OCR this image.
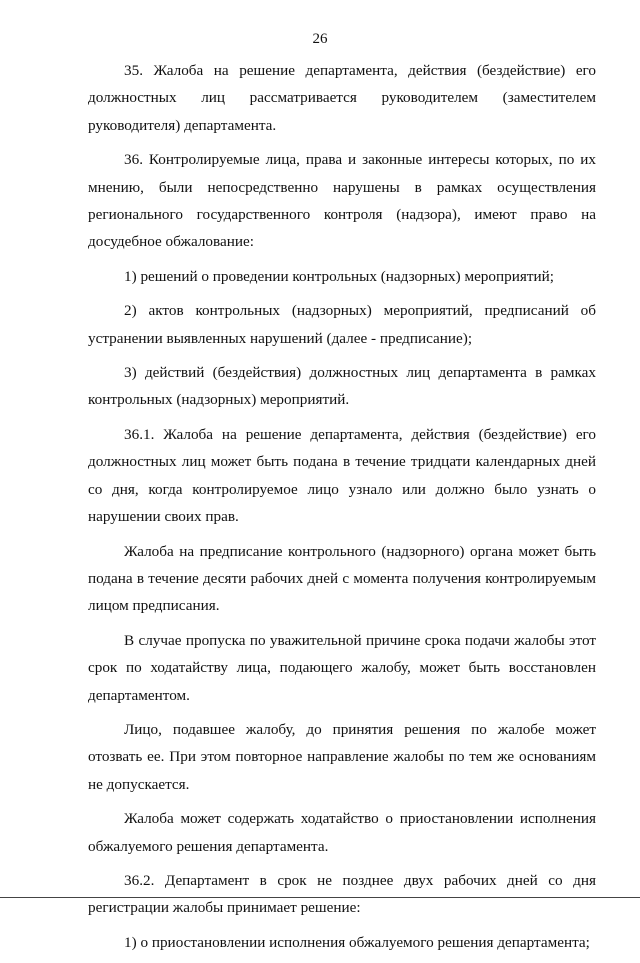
26

35. Жалоба на решение департамента, действия (бездействие) его должностных лиц рассматривается руководителем (заместителем руководителя) департамента.

36. Контролируемые лица, права и законные интересы которых, по их мнению, были непосредственно нарушены в рамках осуществления регионального государственного контроля (надзора), имеют право на досудебное обжалование:

1) решений о проведении контрольных (надзорных) мероприятий;

2) актов контрольных (надзорных) мероприятий, предписаний об устранении выявленных нарушений (далее - предписание);

3) действий (бездействия) должностных лиц департамента в рамках контрольных (надзорных) мероприятий.

36.1. Жалоба на решение департамента, действия (бездействие) его должностных лиц может быть подана в течение тридцати календарных дней со дня, когда контролируемое лицо узнало или должно было узнать о нарушении своих прав.

Жалоба на предписание контрольного (надзорного) органа может быть подана в течение десяти рабочих дней с момента получения контролируемым лицом предписания.

В случае пропуска по уважительной причине срока подачи жалобы этот срок по ходатайству лица, подающего жалобу, может быть восстановлен департаментом.

Лицо, подавшее жалобу, до принятия решения по жалобе может отозвать ее. При этом повторное направление жалобы по тем же основаниям не допускается.

Жалоба может содержать ходатайство о приостановлении исполнения обжалуемого решения департамента.

36.2. Департамент в срок не позднее двух рабочих дней со дня регистрации жалобы принимает решение:

1) о приостановлении исполнения обжалуемого решения департамента;
